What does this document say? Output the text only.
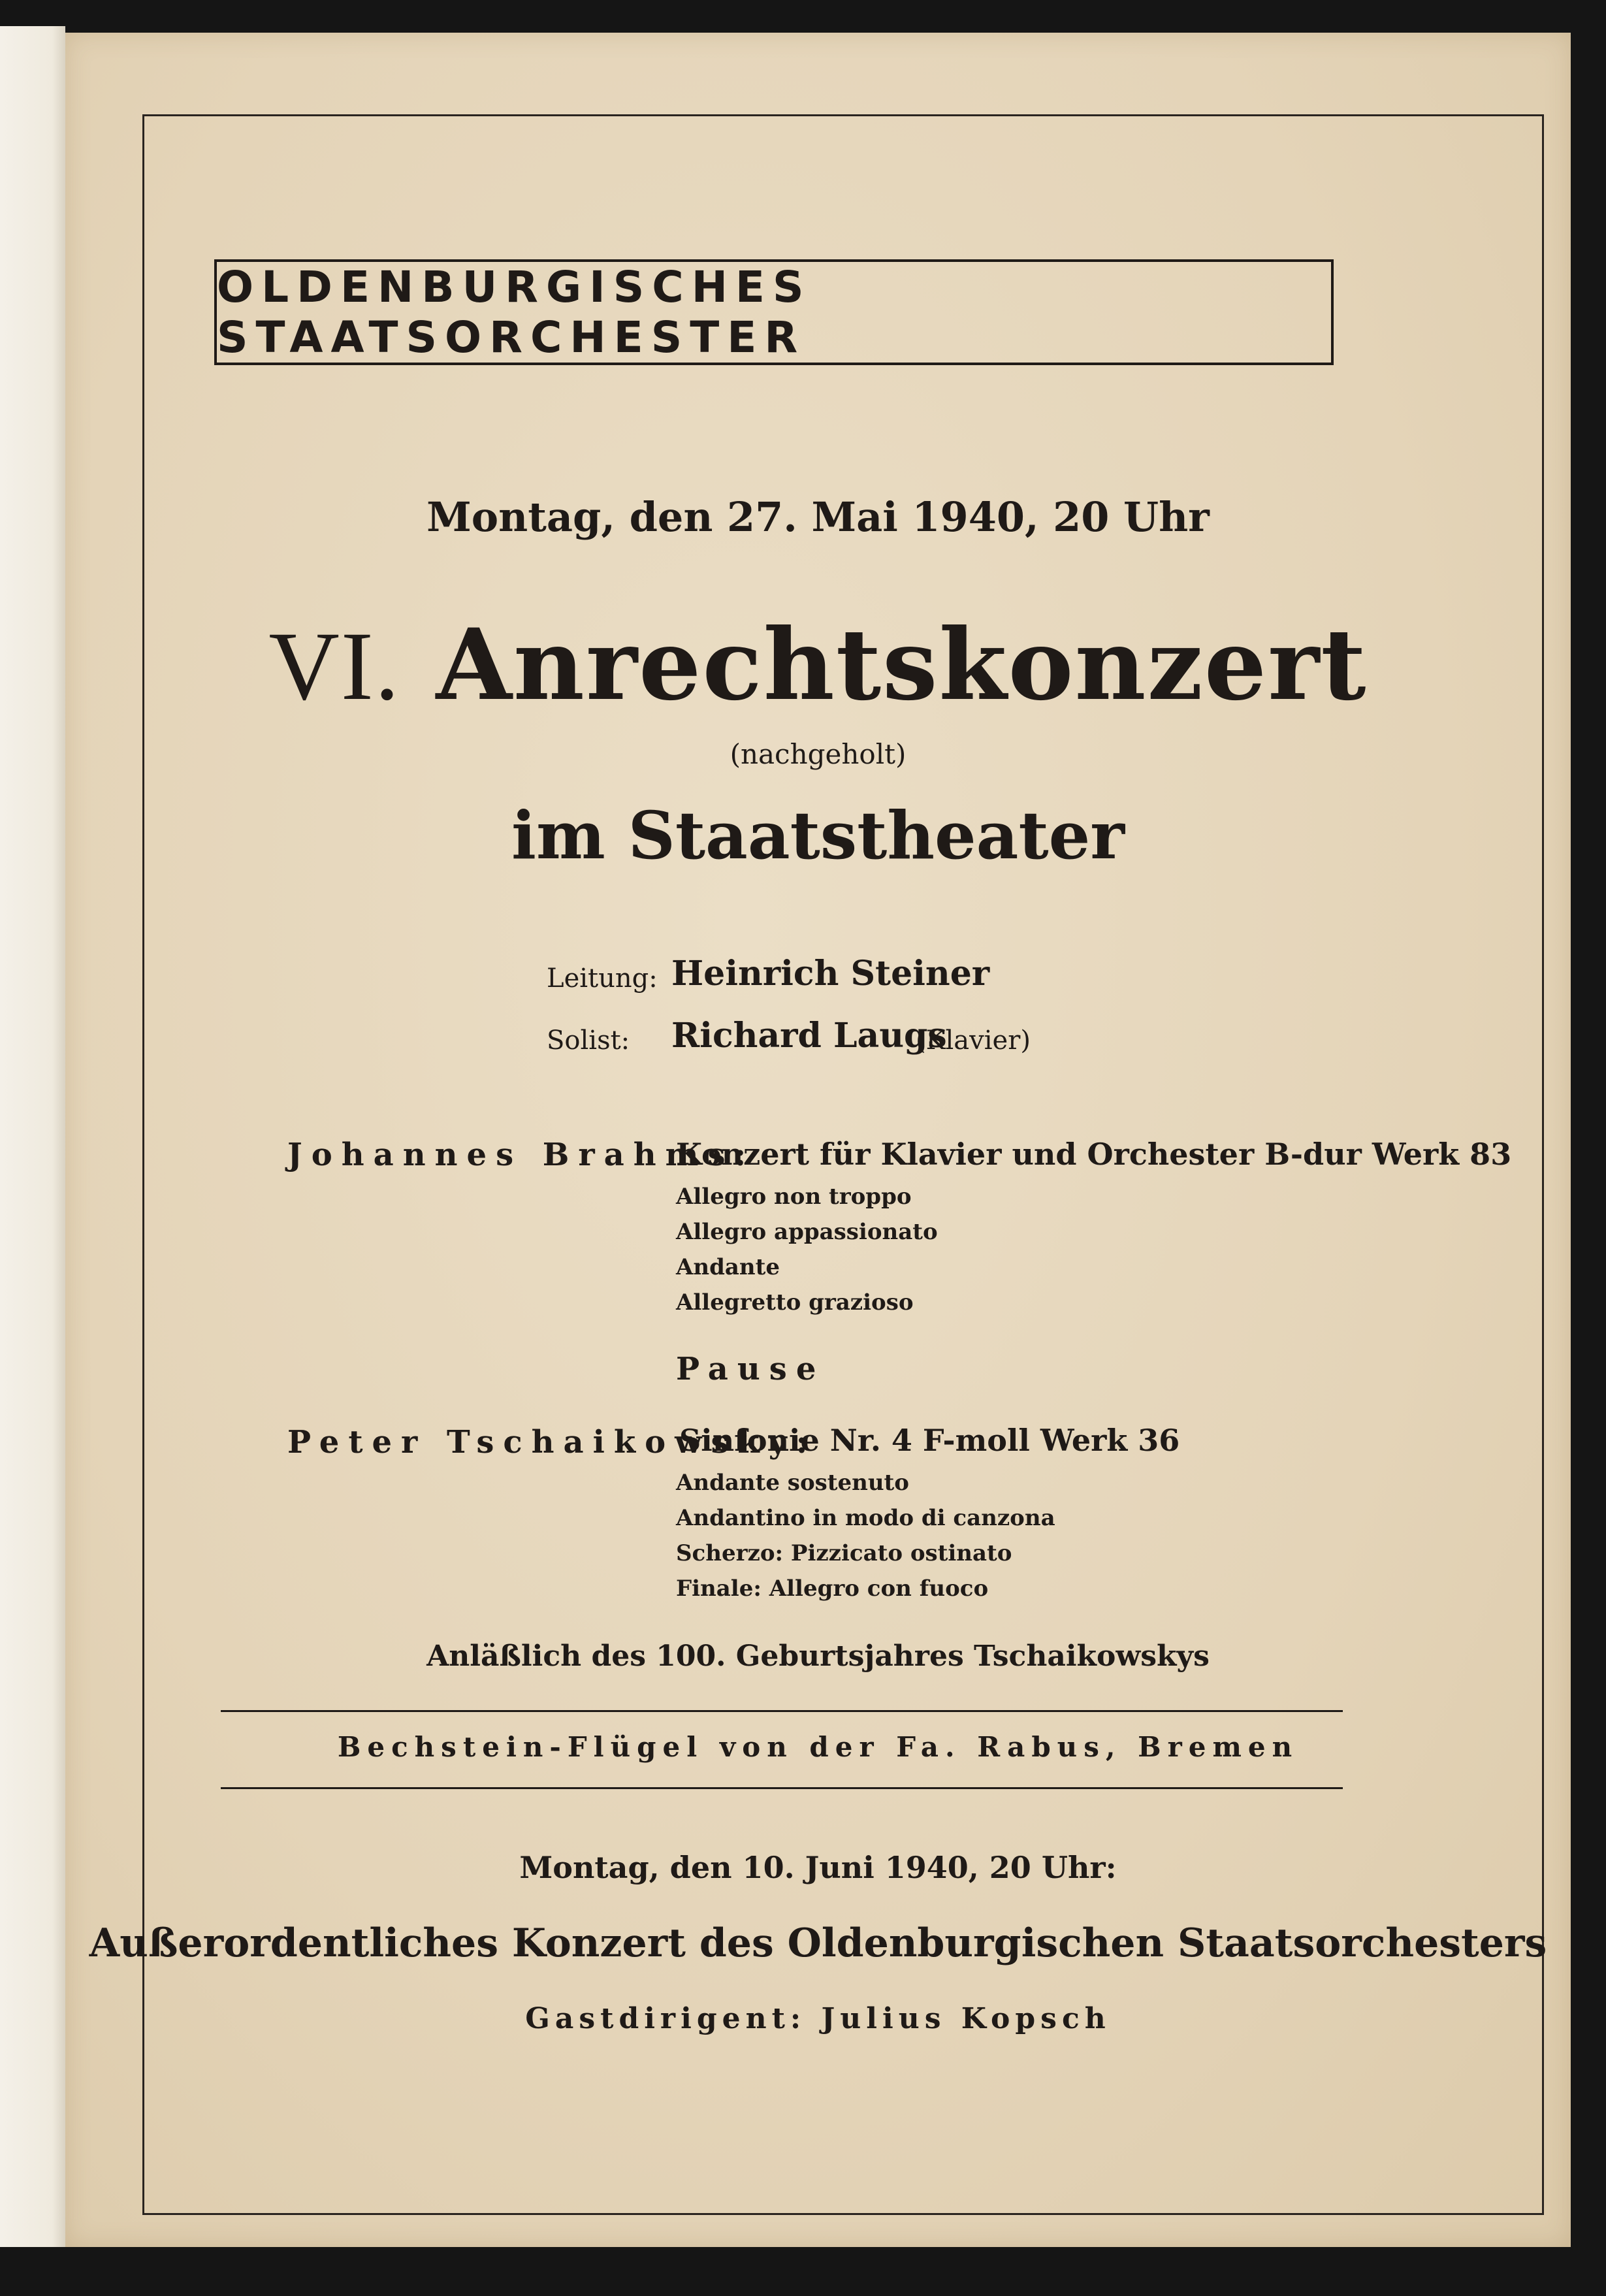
OLDENBURGISCHES STAATSORCHESTER
Montag, den 27. Mai 1940, 20 Uhr
VI. Anrechtskonzert
(nachgeholt)
im Staatstheater
Leitung: Heinrich Steiner
Solist: Richard Laugs
(Klavier)
Johannes Brahms:
Konzert für Klavier und Orchester B-dur Werk 83
Allegro non troppo
Allegro appassionato
Andante
Allegretto grazioso
Pause
Peter Tschaikowsky:
Sinfonie Nr. 4 F-moll Werk 36
Andante sostenuto
Andantino in modo di canzona
Scherzo: Pizzicato ostinato
Finale: Allegro con fuoco
Anläßlich des 100. Geburtsjahres Tschaikowskys
Bechstein-Flügel von der Fa. Rabus, Bremen
Montag, den 10. Juni 1940, 20 Uhr:
Außerordentliches Konzert des Oldenburgischen Staatsorchesters
Gastdirigent: Julius Kopsch
